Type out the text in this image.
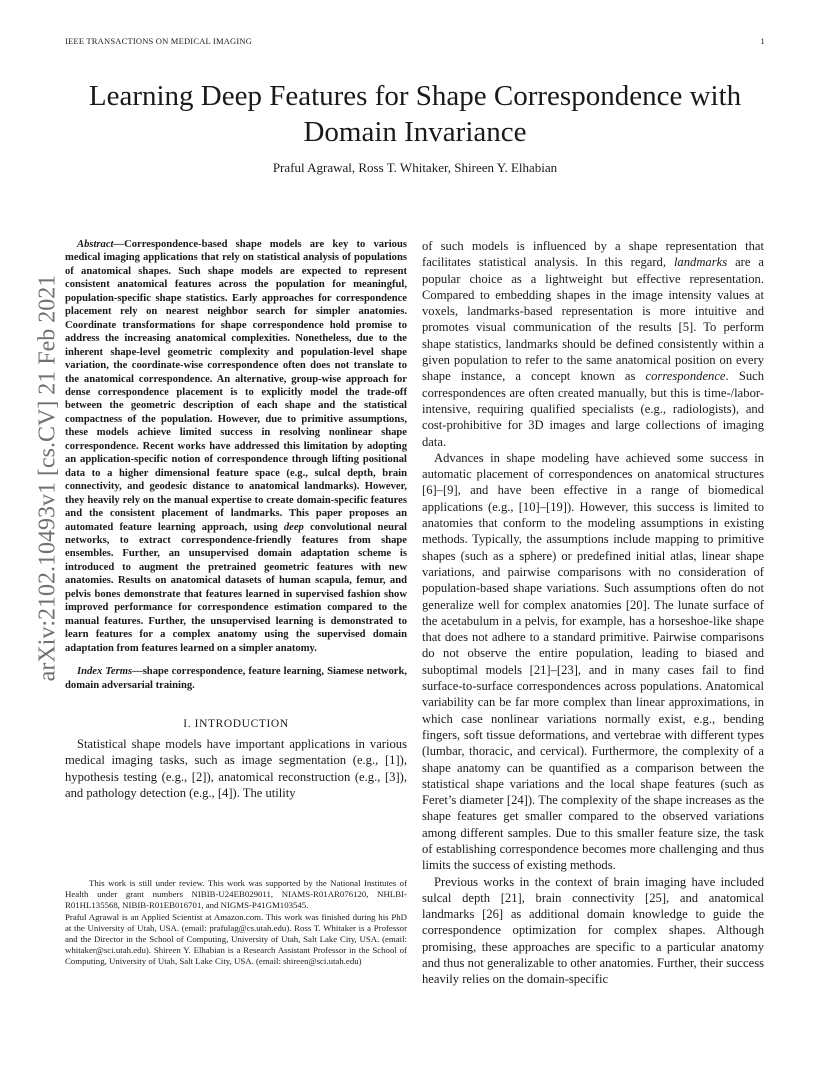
IEEE TRANSACTIONS ON MEDICAL IMAGING	1
Learning Deep Features for Shape Correspondence with Domain Invariance
Praful Agrawal, Ross T. Whitaker, Shireen Y. Elhabian
arXiv:2102.10493v1 [cs.CV] 21 Feb 2021

Abstract—Correspondence-based shape models are key to various medical imaging applications that rely on statistical analysis of populations of anatomical shapes. Such shape models are expected to represent consistent anatomical features across the population for meaningful, population-specific shape statistics. Early approaches for correspondence placement rely on nearest neighbor search for simpler anatomies. Coordinate transformations for shape correspondence hold promise to address the increasing anatomical complexities. Nonetheless, due to the inherent shape-level geometric complexity and population-level shape variation, the coordinate-wise correspondence often does not translate to the anatomical correspondence. An alternative, group-wise approach for dense correspondence placement is to explicitly model the trade-off between the geometric description of each shape and the statistical compactness of the population. However, due to primitive assumptions, these models achieve limited success in resolving nonlinear shape correspondence. Recent works have addressed this limitation by adopting an application-specific notion of correspondence through lifting positional data to a higher dimensional feature space (e.g., sulcal depth, brain connectivity, and geodesic distance to anatomical landmarks). However, they heavily rely on the manual expertise to create domain-specific features and the consistent placement of landmarks. This paper proposes an automated feature learning approach, using deep convolutional neural networks, to extract correspondence-friendly features from shape ensembles. Further, an unsupervised domain adaptation scheme is introduced to augment the pretrained geometric features with new anatomies. Results on anatomical datasets of human scapula, femur, and pelvis bones demonstrate that features learned in supervised fashion show improved performance for correspondence estimation compared to the manual features. Further, the unsupervised learning is demonstrated to learn features for a complex anatomy using the supervised domain adaptation from features learned on a simpler anatomy.

Index Terms—shape correspondence, feature learning, Siamese network, domain adversarial training.

I. INTRODUCTION

Statistical shape models have important applications in various medical imaging tasks, such as image segmentation (e.g., [1]), hypothesis testing (e.g., [2]), anatomical reconstruction (e.g., [3]), and pathology detection (e.g., [4]). The utility

This work is still under review. This work was supported by the National Institutes of Health under grant numbers NIBIB-U24EB029011, NIAMS-R01AR076120, NHLBI-R01HL135568, NIBIB-R01EB016701, and NIGMS-P41GM103545.

Praful Agrawal is an Applied Scientist at Amazon.com. This work was finished during his PhD at the University of Utah, USA. (email: prafulag@cs.utah.edu). Ross T. Whitaker is a Professor and the Director in the School of Computing, University of Utah, Salt Lake City, USA. (email: whitaker@sci.utah.edu). Shireen Y. Elhabian is a Research Assistant Professor in the School of Computing, University of Utah, Salt Lake City, USA. (email: shireen@sci.utah.edu)

of such models is influenced by a shape representation that facilitates statistical analysis. In this regard, landmarks are a popular choice as a lightweight but effective representation. Compared to embedding shapes in the image intensity values at voxels, landmarks-based representation is more intuitive and promotes visual communication of the results [5]. To perform shape statistics, landmarks should be defined consistently within a given population to refer to the same anatomical position on every shape instance, a concept known as correspondence. Such correspondences are often created manually, but this is time-/labor-intensive, requiring qualified specialists (e.g., radiologists), and cost-prohibitive for 3D images and large collections of imaging data.

Advances in shape modeling have achieved some success in automatic placement of correspondences on anatomical structures [6]–[9], and have been effective in a range of biomedical applications (e.g., [10]–[19]). However, this success is limited to anatomies that conform to the modeling assumptions in existing methods. Typically, the assumptions include mapping to primitive shapes (such as a sphere) or predefined initial atlas, linear shape variations, and pairwise comparisons with no consideration of population-based shape variations. Such assumptions often do not generalize well for complex anatomies [20]. The lunate surface of the acetabulum in a pelvis, for example, has a horseshoe-like shape that does not adhere to a standard primitive. Pairwise comparisons do not observe the entire population, leading to biased and suboptimal models [21]–[23], and in many cases fail to find surface-to-surface correspondences across populations. Anatomical variability can be far more complex than linear approximations, in which case nonlinear variations normally exist, e.g., bending fingers, soft tissue deformations, and vertebrae with different types (lumbar, thoracic, and cervical). Furthermore, the complexity of a shape anatomy can be quantified as a comparison between the statistical shape variations and the local shape features (such as Feret’s diameter [24]). The complexity of the shape increases as the shape features get smaller compared to the observed variations among different samples. Due to this smaller feature size, the task of establishing correspondence becomes more challenging and thus limits the success of existing methods.

Previous works in the context of brain imaging have included sulcal depth [21], brain connectivity [25], and anatomical landmarks [26] as additional domain knowledge to guide the correspondence optimization for complex shapes. Although promising, these approaches are specific to a particular anatomy and thus not generalizable to other anatomies. Further, their success heavily relies on the domain-specific
